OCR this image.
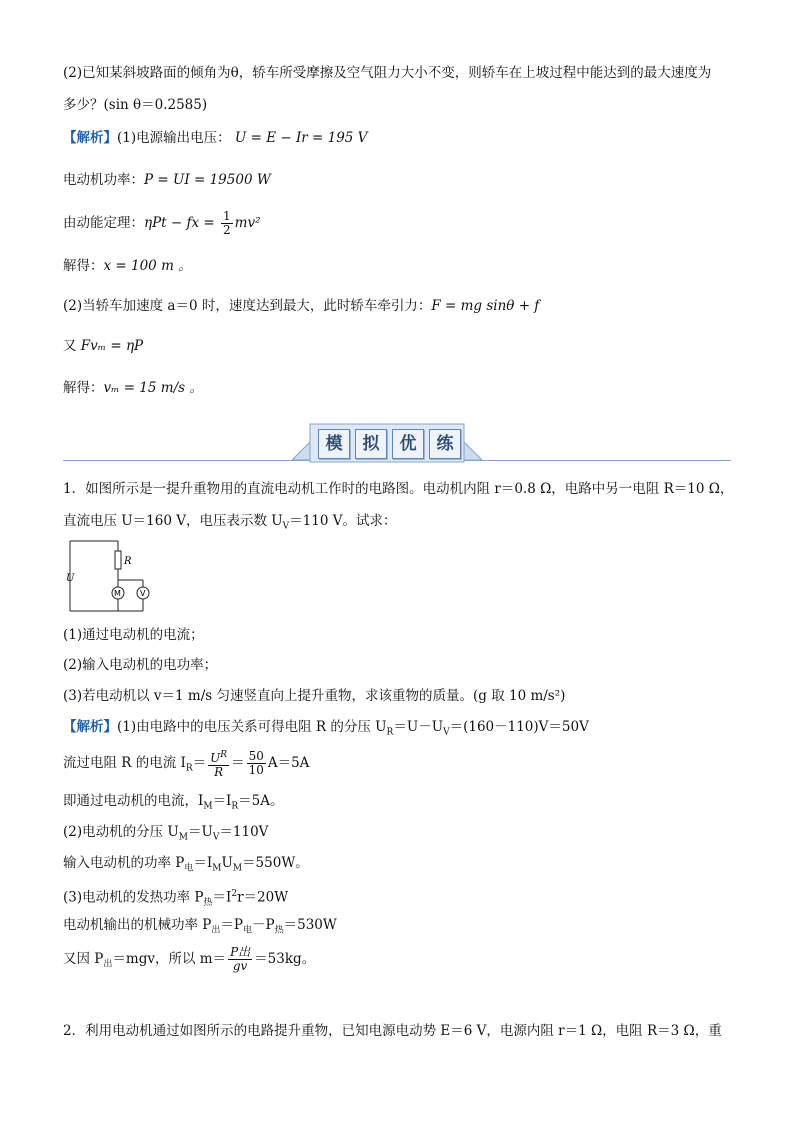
(2)已知某斜坡路面的倾角为θ，轿车所受摩擦及空气阻力大小不变，则轿车在上坡过程中能达到的最大速度为
多少？(sin θ＝0.2585)
【解析】(1)电源输出电压： U = E − Ir = 195 V
电动机功率：P = UI = 19500 W
由动能定理：ηPt − fx = $\frac{1}{2} mv^2$
解得：x = 100 m 。
(2)当轿车加速度 a＝0 时，速度达到最大，此时轿车牵引力：F = mg sinθ + f
又 Fvₘ = ηP
解得：vₘ = 15 m/s 。
模	拟	优	练
1．如图所示是一提升重物用的直流电动机工作时的电路图。电动机内阻 r＝0.8 Ω，电路中另一电阻 R＝10 Ω，
直流电压 U＝160 V，电压表示数 $U_V=110$ V。试求：
R
U
M V
(1)通过电动机的电流；
(2)输入电动机的电功率；
(3)若电动机以 v＝1 m/s 匀速竖直向上提升重物，求该重物的质量。(g 取 10 m/s²)
【解析】(1)由电路中的电压关系可得电阻 R 的分压 $U_R=U-U_V=(160-110)V=50V$
流过电阻 R 的电流 $I_R= \frac{U^R}{R} = \frac{50}{10} A=5A$
即通过电动机的电流，$I_M=I_R=5A$。
(2)电动机的分压 $U_M=U_V=110V$
输入电动机的功率 $P_电=I_MU_M=550W$。
(3)电动机的发热功率 $P_热=I^2r=20W$
电动机输出的机械功率 $P_出=P_电-P_热=530W$
又因 $P_出=mgv$，所以 $m= \frac{\text{P出}}{gv} =53kg$。
2．利用电动机通过如图所示的电路提升重物，已知电源电动势 E＝6 V，电源内阻 r＝1 Ω，电阻 R＝3 Ω，重
